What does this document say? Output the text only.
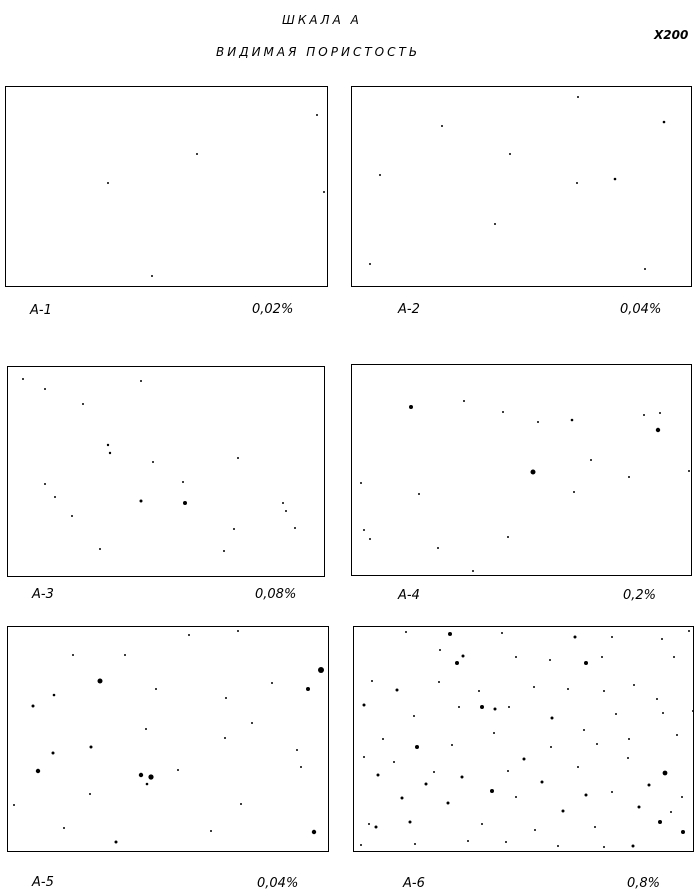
ШКАЛА А
ВИДИМАЯ ПОРИСТОСТЬ
Х200
А-1	0,02%	А-2	0,04%
А-3	0,08%	А-4	0,2%
А-5	0,04%	А-6	0,8%
